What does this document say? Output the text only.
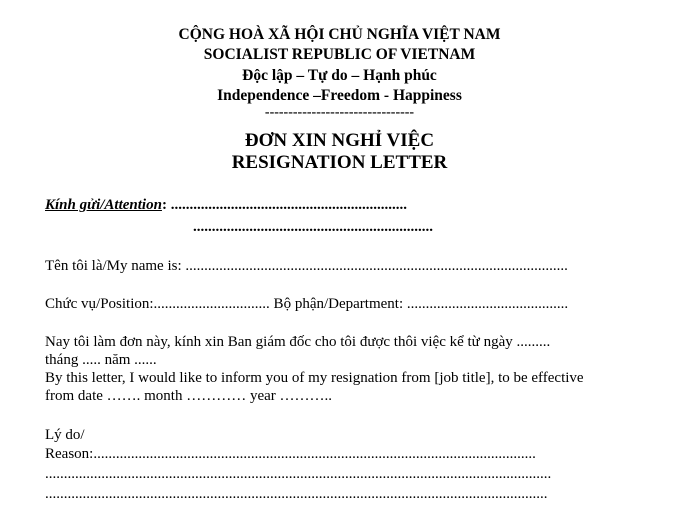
CỘNG HOÀ XÃ HỘI CHỦ NGHĨA VIỆT NAM
SOCIALIST REPUBLIC OF VIETNAM
Độc lập – Tự do – Hạnh phúc
Independence –Freedom - Happiness
--------------------------------
ĐƠN XIN NGHỈ VIỆC
RESIGNATION LETTER
Kính gửi/Attention: ...............................................................
................................................................
Tên tôi là/My name is: ......................................................................................................
Chức vụ/Position:............................... Bộ phận/Department: ...........................................
Nay tôi làm đơn này, kính xin Ban giám đốc cho tôi được thôi việc kể từ ngày .........
tháng ..... năm ......
By this letter, I would like to inform you of my resignation from [job title], to be effective
from date ……. month ………… year ………..
Lý do/
Reason:......................................................................................................................
.......................................................................................................................................
......................................................................................................................................
